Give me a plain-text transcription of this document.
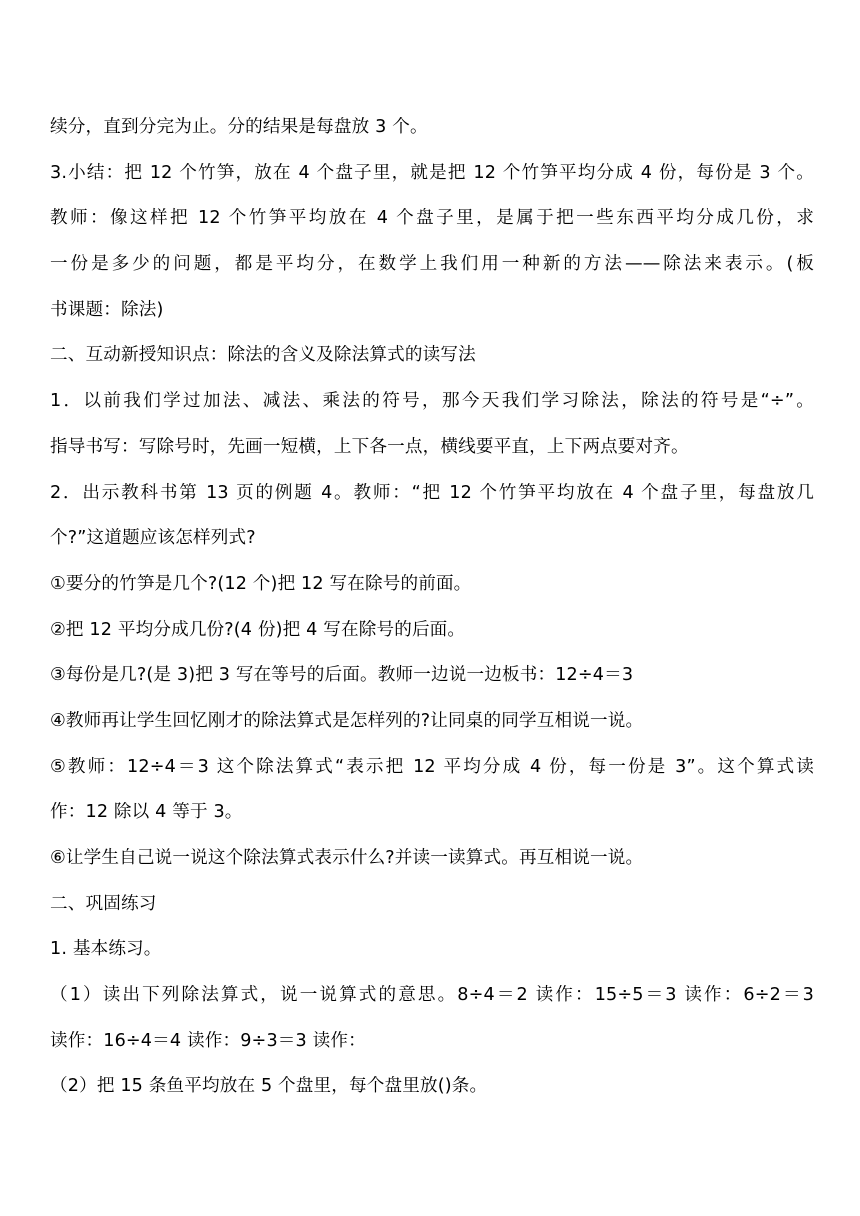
续分，直到分完为止。分的结果是每盘放 3 个。
3.小结：把 12 个竹笋，放在 4 个盘子里，就是把 12 个竹笋平均分成 4 份，每份是 3 个。
教师：像这样把 12 个竹笋平均放在 4 个盘子里，是属于把一些东西平均分成几份，求
一份是多少的问题，都是平均分，在数学上我们用一种新的方法——除法来表示。(板
书课题：除法)
二、互动新授知识点：除法的含义及除法算式的读写法
1．以前我们学过加法、减法、乘法的符号，那今天我们学习除法，除法的符号是“÷”。
指导书写：写除号时，先画一短横，上下各一点，横线要平直，上下两点要对齐。
2．出示教科书第 13 页的例题 4。教师：“把 12 个竹笋平均放在 4 个盘子里，每盘放几
个?”这道题应该怎样列式?
①要分的竹笋是几个?(12 个)把 12 写在除号的前面。
②把 12 平均分成几份?(4 份)把 4 写在除号的后面。
③每份是几?(是 3)把 3 写在等号的后面。教师一边说一边板书：12÷4＝3
④教师再让学生回忆刚才的除法算式是怎样列的?让同桌的同学互相说一说。
⑤教师：12÷4＝3 这个除法算式“表示把 12 平均分成 4 份，每一份是 3”。这个算式读
作：12 除以 4 等于 3。
⑥让学生自己说一说这个除法算式表示什么?并读一读算式。再互相说一说。
二、巩固练习
1. 基本练习。
（1）读出下列除法算式，说一说算式的意思。8÷4＝2 读作：15÷5＝3 读作：6÷2＝3
读作：16÷4＝4 读作：9÷3＝3 读作：
（2）把 15 条鱼平均放在 5 个盘里，每个盘里放()条。
